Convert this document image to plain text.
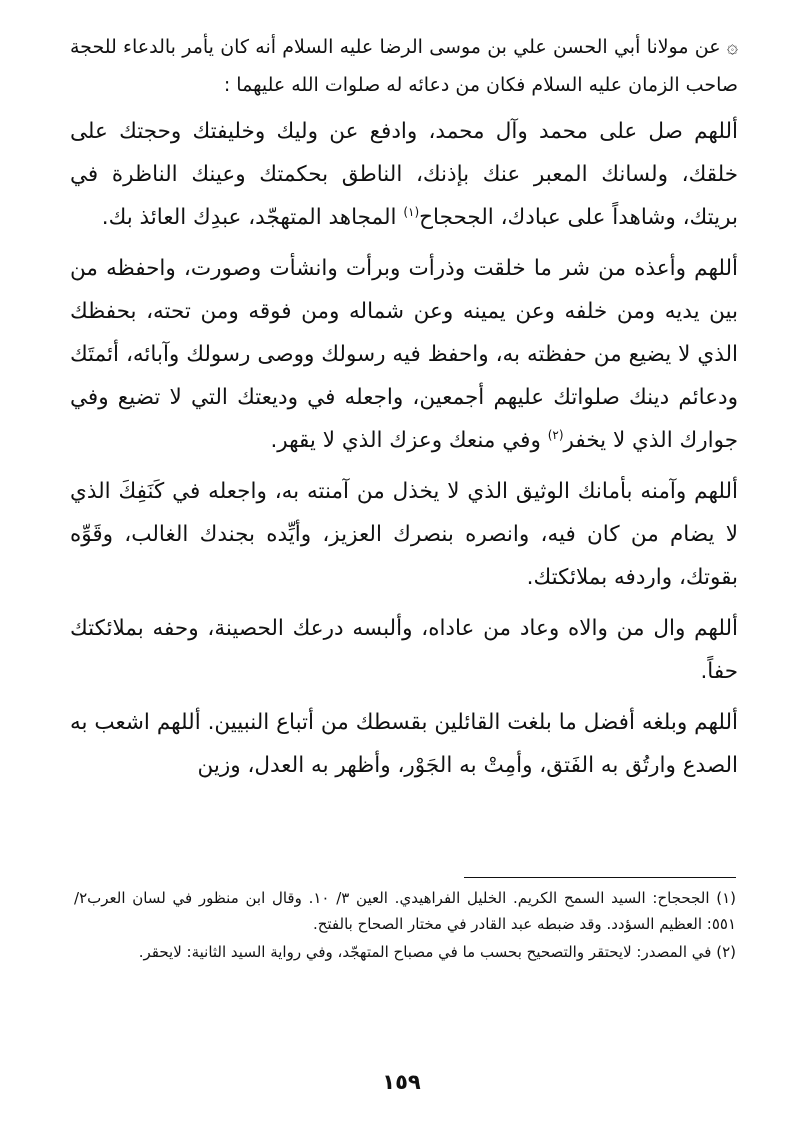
۞ عن مولانا أبي الحسن علي بن موسى الرضا عليه السلام أنه كان يأمر بالدعاء للحجة صاحب الزمان عليه السلام فكان من دعائه له صلوات الله عليهما :

أللهم صل على محمد وآل محمد، وادفع عن وليك وخليفتك وحجتك على خلقك، ولسانك المعبر عنك بإذنك، الناطق بحكمتك وعينك الناظرة في بريتك، وشاهداً على عبادك، الجحجاح$^{(١)}$ المجاهد المتهجّد، عبدِك العائذ بك.

أللهم وأعذه من شر ما خلقت وذرأت وبرأت وانشأت وصورت، واحفظه من بين يديه ومن خلفه وعن يمينه وعن شماله ومن فوقه ومن تحته، بحفظك الذي لا يضيع من حفظته به، واحفظ فيه رسولك ووصى رسولك وآبائه، أئمتَك ودعائم دينك صلواتك عليهم أجمعين، واجعله في وديعتك التي لا تضيع وفي جوارك الذي لا يخفر$^{(٢)}$ وفي منعك وعزك الذي لا يقهر.

أللهم وآمنه بأمانك الوثيق الذي لا يخذل من آمنته به، واجعله في كَنَفِكَ الذي لا يضام من كان فيه، وانصره بنصرك العزيز، وأيِّده بجندك الغالب، وقَوِّه بقوتك، واردفه بملائكتك.

أللهم وال من والاه وعاد من عاداه، وألبسه درعك الحصينة، وحفه بملائكتك حفاً.

أللهم وبلغه أفضل ما بلغت القائلين بقسطك من أتباع النبيين. أللهم اشعب به الصدع وارتُق به الفَتق، وأمِتْ به الجَوْر، وأظهر به العدل، وزين

(١) الجحجاح: السيد السمح الكريم. الخليل الفراهيدي. العين ٣/ ١٠. وقال ابن منظور في لسان العرب٢/ ٥٥١: العظيم السؤدد. وقد ضبطه عبد القادر في مختار الصحاح بالفتح.

(٢) في المصدر: لايحتقر والتصحيح بحسب ما في مصباح المتهجّد، وفي رواية السيد الثانية: لايحقر.

١٥٩
